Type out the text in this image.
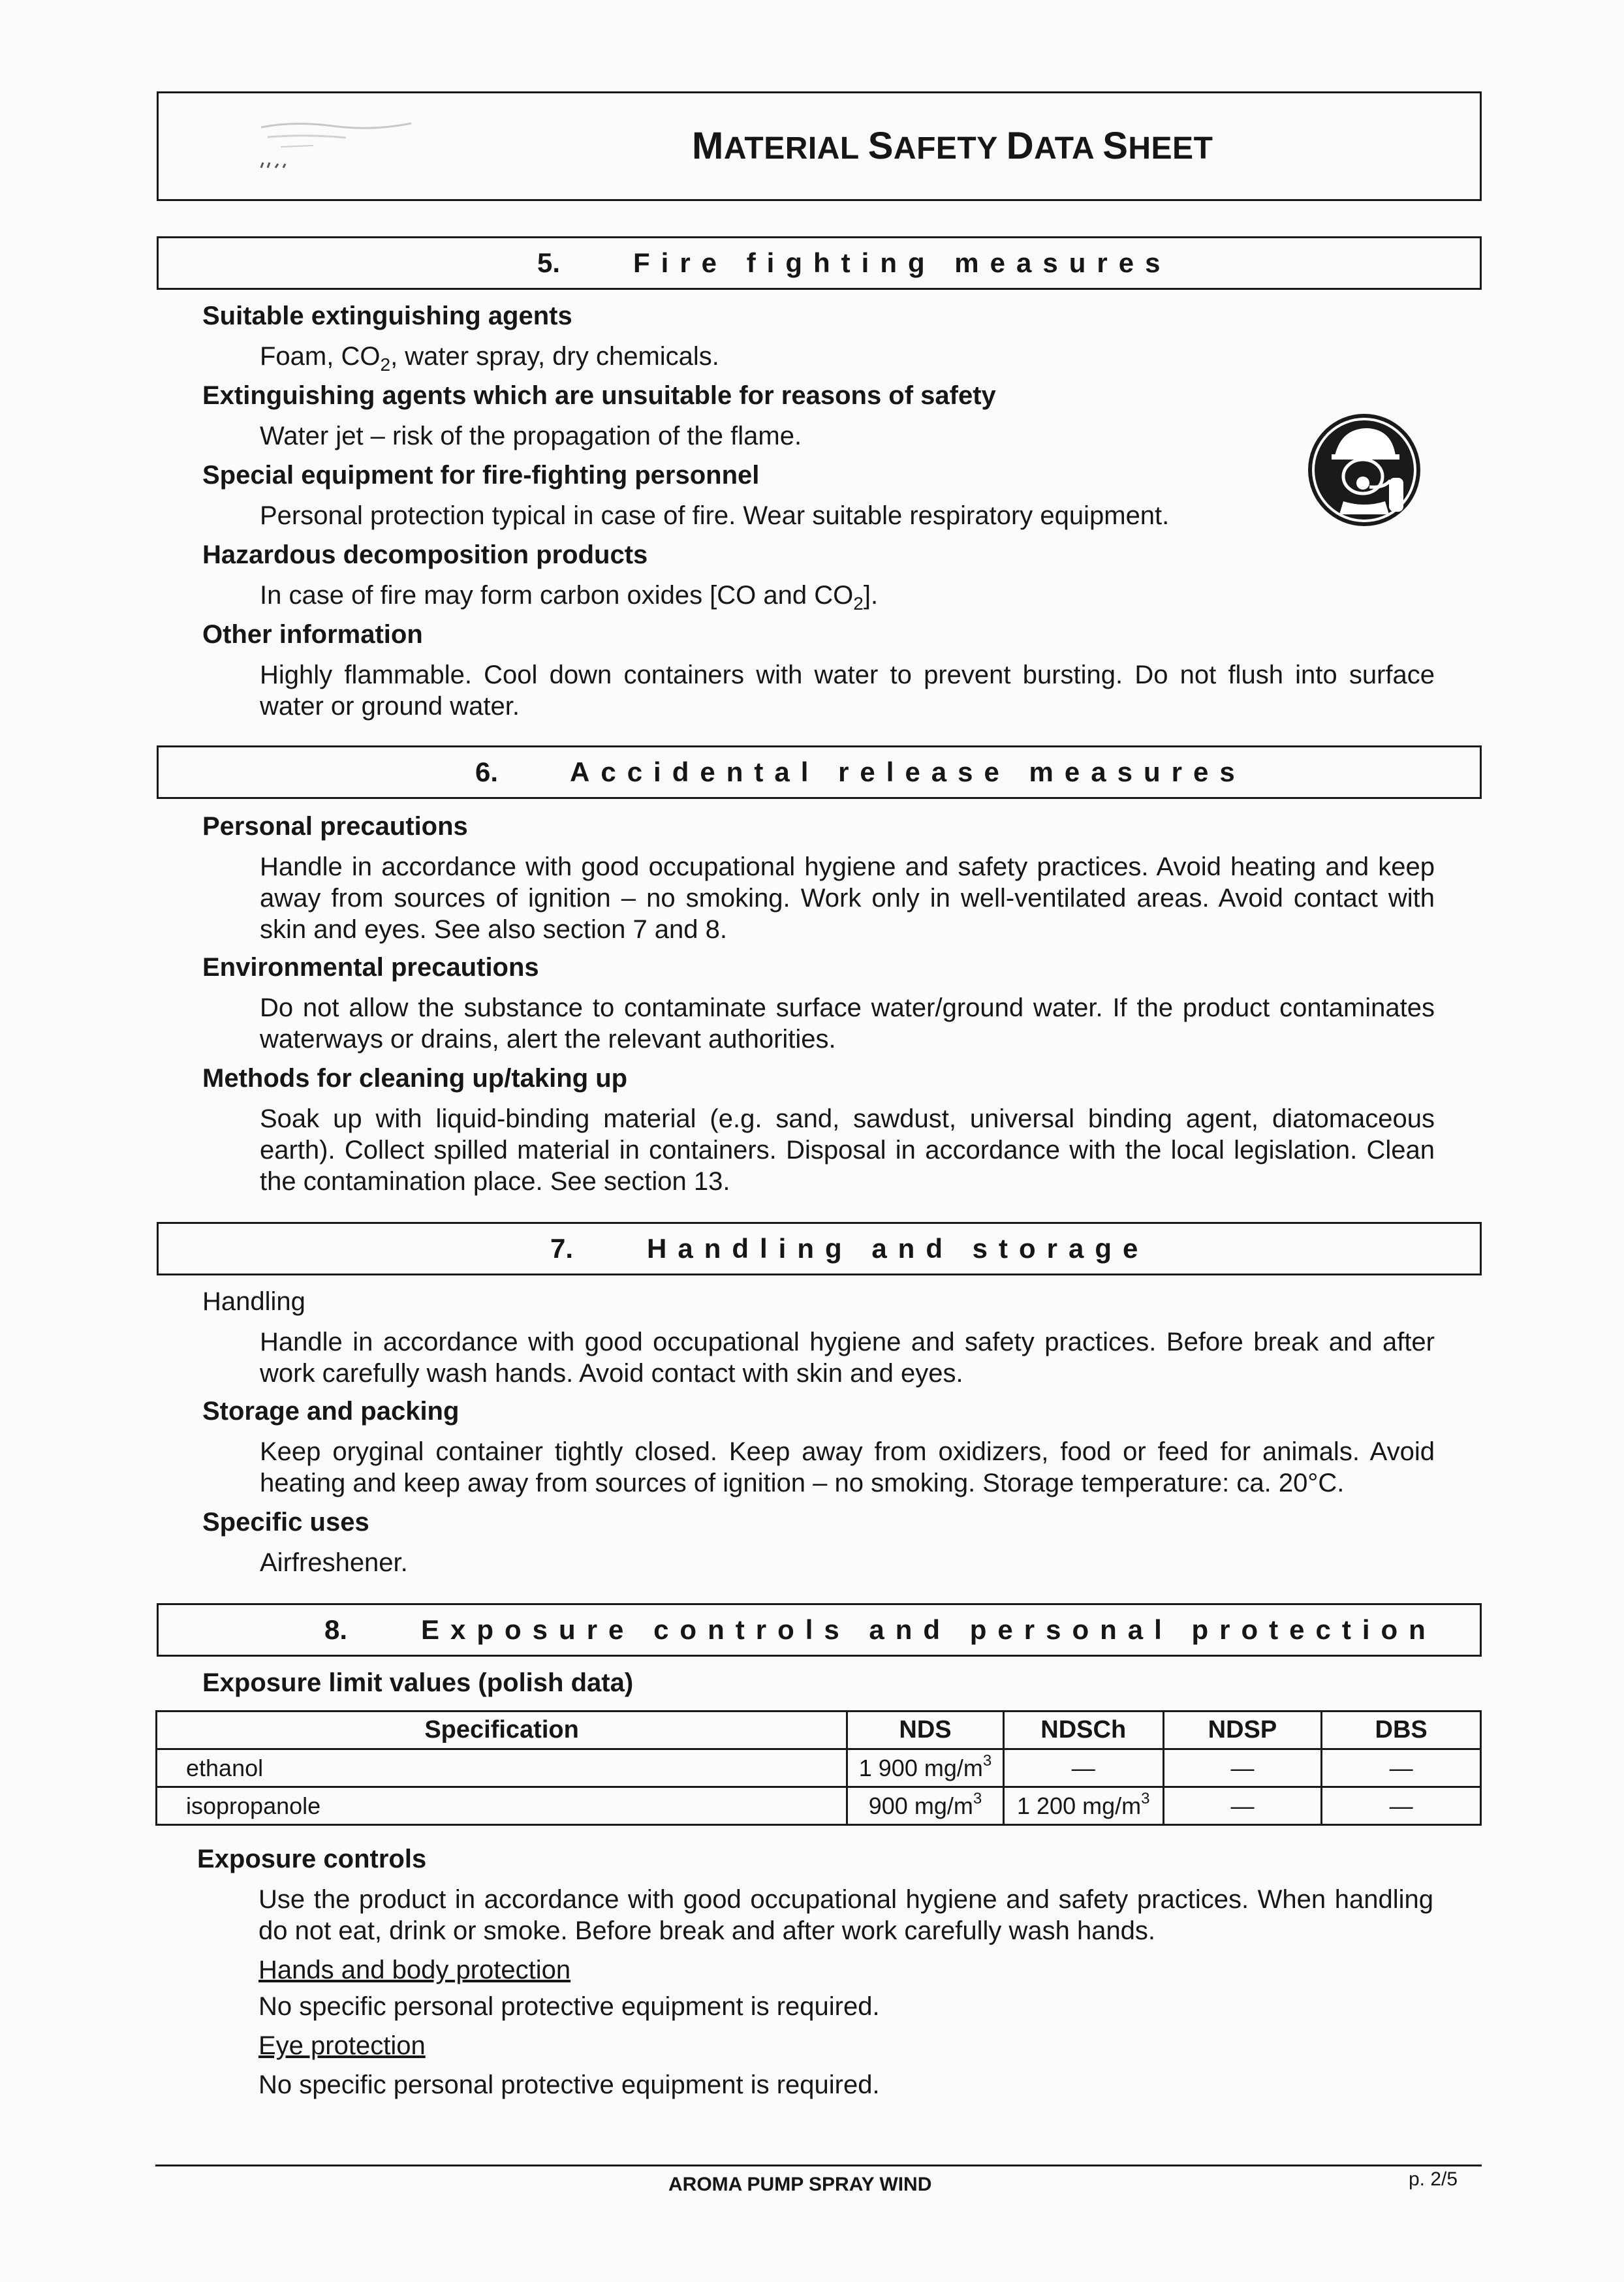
MATERIAL SAFETY DATA SHEET
5.	Fire fighting measures
Suitable extinguishing agents
Foam, $CO_2$, water spray, dry chemicals.
Extinguishing agents which are unsuitable for reasons of safety
Water jet – risk of the propagation of the flame.
Special equipment for fire-fighting personnel
Personal protection typical in case of fire. Wear suitable respiratory equipment.
Hazardous decomposition products
In case of fire may form carbon oxides [CO and $CO_2$].
Other information
Highly flammable. Cool down containers with water to prevent bursting. Do not flush into surface water or ground water.
6.	Accidental release measures
Personal precautions
Handle in accordance with good occupational hygiene and safety practices. Avoid heating and keep away from sources of ignition – no smoking. Work only in well-ventilated areas. Avoid contact with skin and eyes. See also section 7 and 8.
Environmental precautions
Do not allow the substance to contaminate surface water/ground water. If the product contaminates waterways or drains, alert the relevant authorities.
Methods for cleaning up/taking up
Soak up with liquid-binding material (e.g. sand, sawdust, universal binding agent, diatomaceous earth). Collect spilled material in containers. Disposal in accordance with the local legislation. Clean the contamination place. See section 13.
7.	Handling and storage
Handling
Handle in accordance with good occupational hygiene and safety practices. Before break and after work carefully wash hands. Avoid contact with skin and eyes.
Storage and packing
Keep oryginal container tightly closed. Keep away from oxidizers, food or feed for animals. Avoid heating and keep away from sources of ignition – no smoking. Storage temperature: ca. 20°C.
Specific uses
Airfreshener.
8.	Exposure controls and personal protection
Exposure limit values (polish data)
Specification	NDS	NDSCh	NDSP	DBS
ethanol	1 900 $mg/m^3$	—	—	—
isopropanole	900 $mg/m^3$	1 200 $mg/m^3$	—	—
Exposure controls
Use the product in accordance with good occupational hygiene and safety practices. When handling do not eat, drink or smoke. Before break and after work carefully wash hands.
Hands and body protection
No specific personal protective equipment is required.
Eye protection
No specific personal protective equipment is required.
AROMA PUMP SPRAY WIND	p. 2/5
